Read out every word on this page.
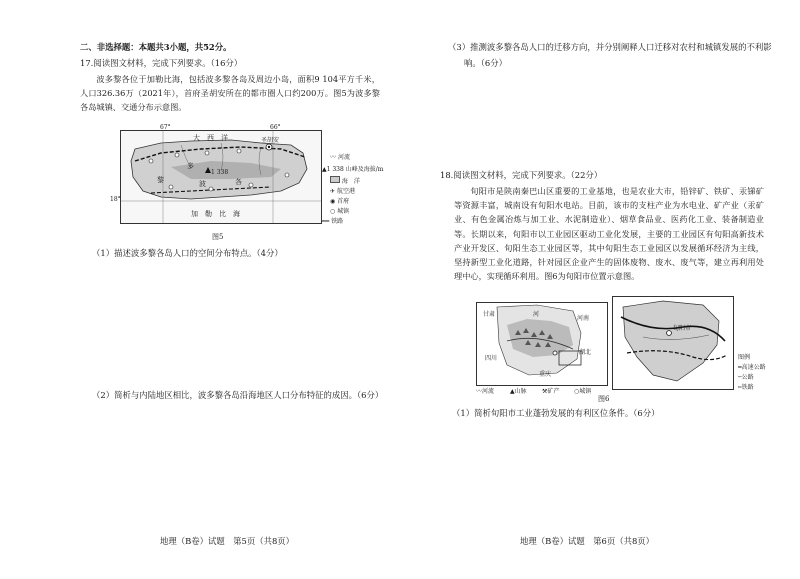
二、非选择题：本题共3小题，共52分。
17.阅读图文材料，完成下列要求。（16分）
波多黎各位于加勒比海，包括波多黎各岛及周边小岛，面积9 104平方千米，人口326.36万（2021年），首府圣胡安所在的都市圈人口约200万。图5为波多黎各岛城镇、交通分布示意图。
大　西　洋
加　勒　比　海
圣胡安
1 338
多
黎	波	各
67°	66°
18°
〰 河流
▲1 338 山峰及海拔/m
海　洋
✈ 航空港
◉ 首府
○ 城镇
━━ 铁路
图5
（1）描述波多黎各岛人口的空间分布特点。（4分）
（2）简析与内陆地区相比，波多黎各岛沿海地区人口分布特征的成因。（6分）
地理（B卷）试题　第5页（共8页）
（3）推测波多黎各岛人口的迁移方向，并分别阐释人口迁移对农村和城镇发展的不利影
响。（6分）
18.阅读图文材料，完成下列要求。（22分）
旬阳市是陕南秦巴山区重要的工业基地，也是农业大市，铅锌矿、铁矿、汞锑矿等资源丰富，城南设有旬阳水电站。目前，该市的支柱产业为水电业、矿产业（汞矿业、有色金属冶炼与加工业、水泥制造业）、烟草食品业、医药化工业、装备制造业等。长期以来，旬阳市以工业园区驱动工业化发展，主要的工业园区有旬阳高新技术产业开发区、旬阳生态工业园区等，其中旬阳生态工业园区以发展循环经济为主线，坚持新型工业化道路，针对园区企业产生的固体废物、废水、废气等，建立再利用处理中心，实现循环利用。图6为旬阳市位置示意图。
甘肃
河南
四川
湖北
重庆
河
〰河流	▲山脉	⚒矿产 ○城镇
旬阳市
图例
━高速公路
─公路
┅铁路
图6
（1）简析旬阳市工业蓬勃发展的有利区位条件。（6分）
地理（B卷）试题　第6页（共8页）
